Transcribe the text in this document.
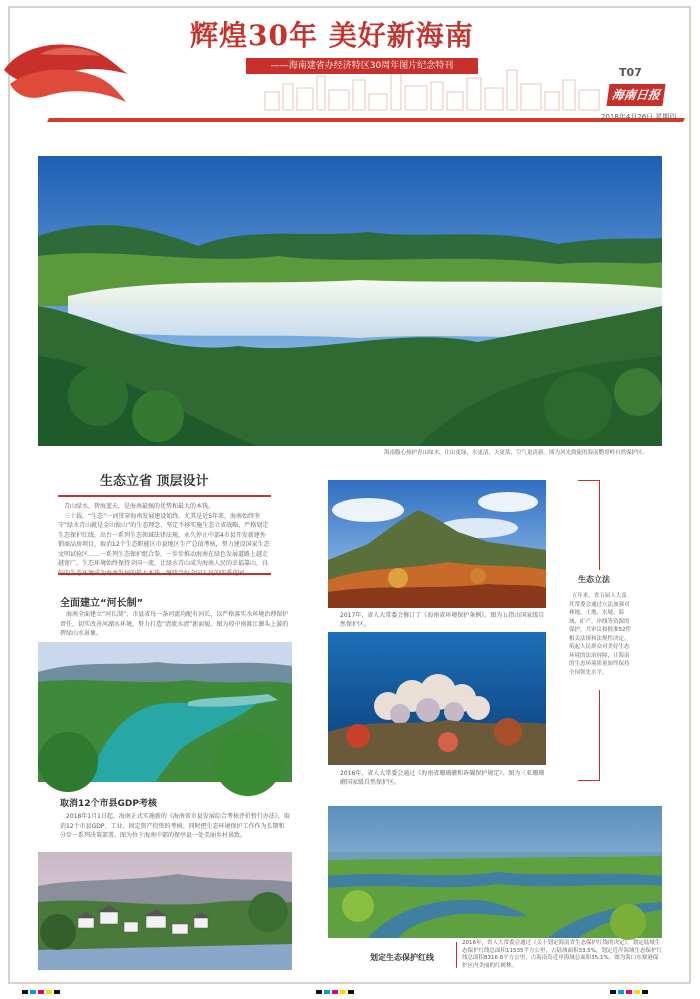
辉煌30年 美好新海南
——海南建省办经济特区30周年图片纪念特刊	T07
海南日报
2018年4月26日 星期四
海南腹心热护青山绿水，让山更绿，水更清，天更蓝，空气更清新。图为风光旖旎的海南鹦哥岭自然保护区。
生态立省 顶层设计
青山绿水，碧海蓝天，是海南最强的优势和最大的本钱。
三十载，“生态”一词贯穿海南发展建设始终。尤其是近5年来，海南始终坚守“绿水青山就是金山银山”的生态理念，坚定不移实施生态立省战略，严格划定生态保护红线，出台一系列生态领域法律法规，永久停止中部4市县开发新建外销商品房项目，取消12个生态职能区市县地区生产总值考核，努力建设国家生态文明试验区……一系列生态保护组合拳，一步步推动海南在绿色发展道路上越走越宽广，生态环境始终保持全国一流，让绿水青山成为海南人民的幸福靠山，良
全面建立“河长制”
海南全面建立“河长制”，市县省每一条河流均配有河长，以严格落实水环境治理保护责任，切实改善河湖水环境，努力打造“清流水清”新面貌。图为琼中南渡江源头上游的碧绿山水景象。
取消12个市县GDP考核
2018年1月1日起，海南正式实施新的《海南省市县发展综合考核评价暂行办法》，取消12个市县GDP、工业、固定资产投资的考核。同时把生态环境保护工作作为长期和分步一系列决策部署。图为位于海南中部的保亭县一处美丽乡村景致。
2017年，省人大常委会修订了《海南省环境保护条例》。图为五指山国家级自然保护区。
2016年，省人大常委会通过《海南省珊瑚礁和砗磲保护规定》。图为三亚珊瑚礁国家级自然保护区。
生态立法
五年来，省五届人大及其常委会通过立法加强对林地、土地、水域、海域、矿产、岸线等资源的保护，共审议和批准52件相关法规和法规性决定，筑起人民群众对美好生态环境的法治屏障，让海南的生态环境质量始终保持全国领先水平。
划定生态保护红线
2016年，省人大常委会通过《关于划定海南省生态保护红线的决定》。划定陆域生态保护红线总面积11535平方公里，占陆域面积33.5%，划定近岸海域生态保护红线总面积8316.6平方公里，占海南岛近岸海域总面积35.1%。图为海口东寨港保护区内美丽的红树林。
